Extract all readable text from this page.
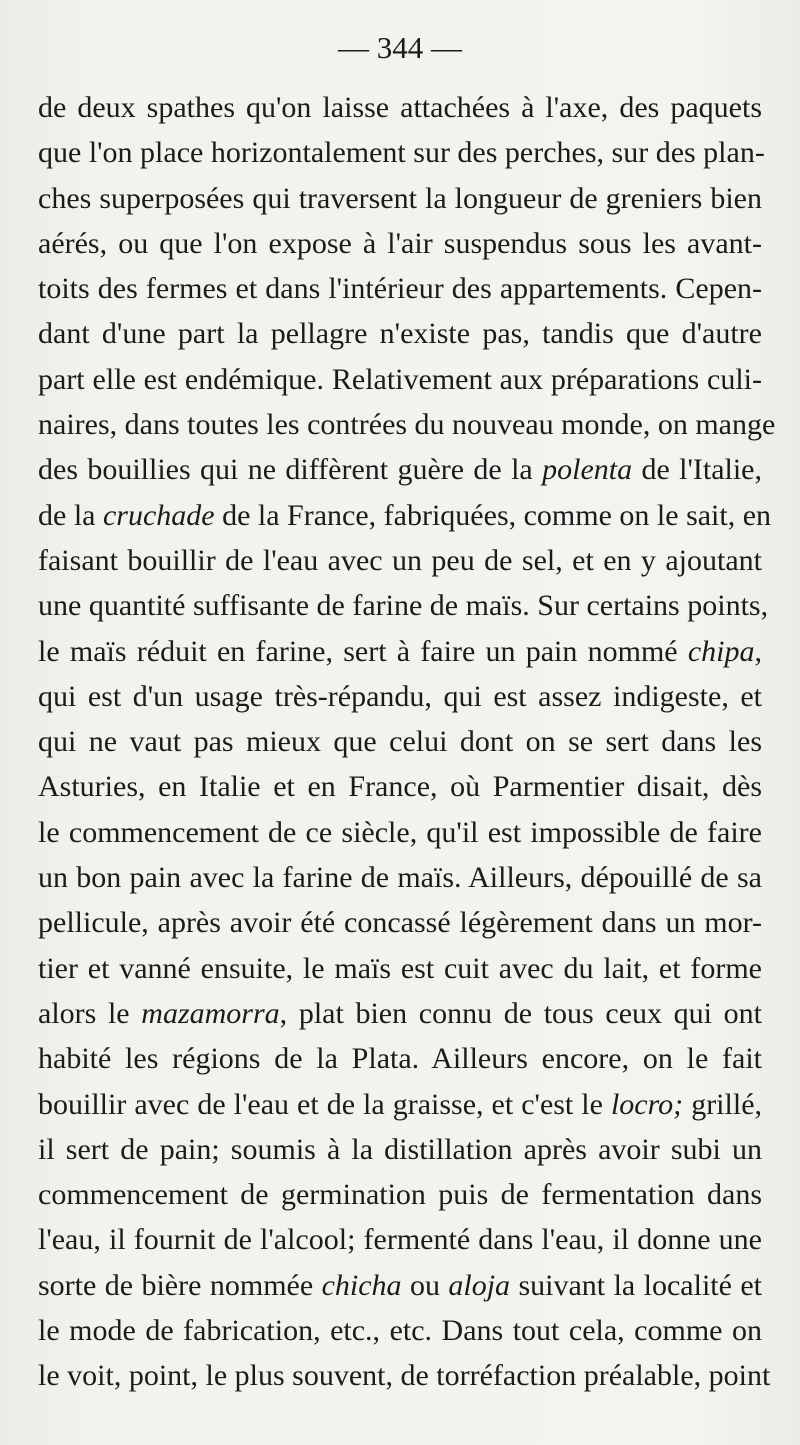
— 344 —
de deux spathes qu'on laisse attachées à l'axe, des paquets
que l'on place horizontalement sur des perches, sur des plan-
ches superposées qui traversent la longueur de greniers bien
aérés, ou que l'on expose à l'air suspendus sous les avant-
toits des fermes et dans l'intérieur des appartements. Cepen-
dant d'une part la pellagre n'existe pas, tandis que d'autre
part elle est endémique. Relativement aux préparations culi-
naires, dans toutes les contrées du nouveau monde, on mange
des bouillies qui ne diffèrent guère de la polenta de l'Italie,
de la cruchade de la France, fabriquées, comme on le sait, en
faisant bouillir de l'eau avec un peu de sel, et en y ajoutant
une quantité suffisante de farine de maïs. Sur certains points,
le maïs réduit en farine, sert à faire un pain nommé chipa,
qui est d'un usage très-répandu, qui est assez indigeste, et
qui ne vaut pas mieux que celui dont on se sert dans les
Asturies, en Italie et en France, où Parmentier disait, dès
le commencement de ce siècle, qu'il est impossible de faire
un bon pain avec la farine de maïs. Ailleurs, dépouillé de sa
pellicule, après avoir été concassé légèrement dans un mor-
tier et vanné ensuite, le maïs est cuit avec du lait, et forme
alors le mazamorra, plat bien connu de tous ceux qui ont
habité les régions de la Plata. Ailleurs encore, on le fait
bouillir avec de l'eau et de la graisse, et c'est le locro; grillé,
il sert de pain; soumis à la distillation après avoir subi un
commencement de germination puis de fermentation dans
l'eau, il fournit de l'alcool; fermenté dans l'eau, il donne une
sorte de bière nommée chicha ou aloja suivant la localité et
le mode de fabrication, etc., etc. Dans tout cela, comme on
le voit, point, le plus souvent, de torréfaction préalable, point
